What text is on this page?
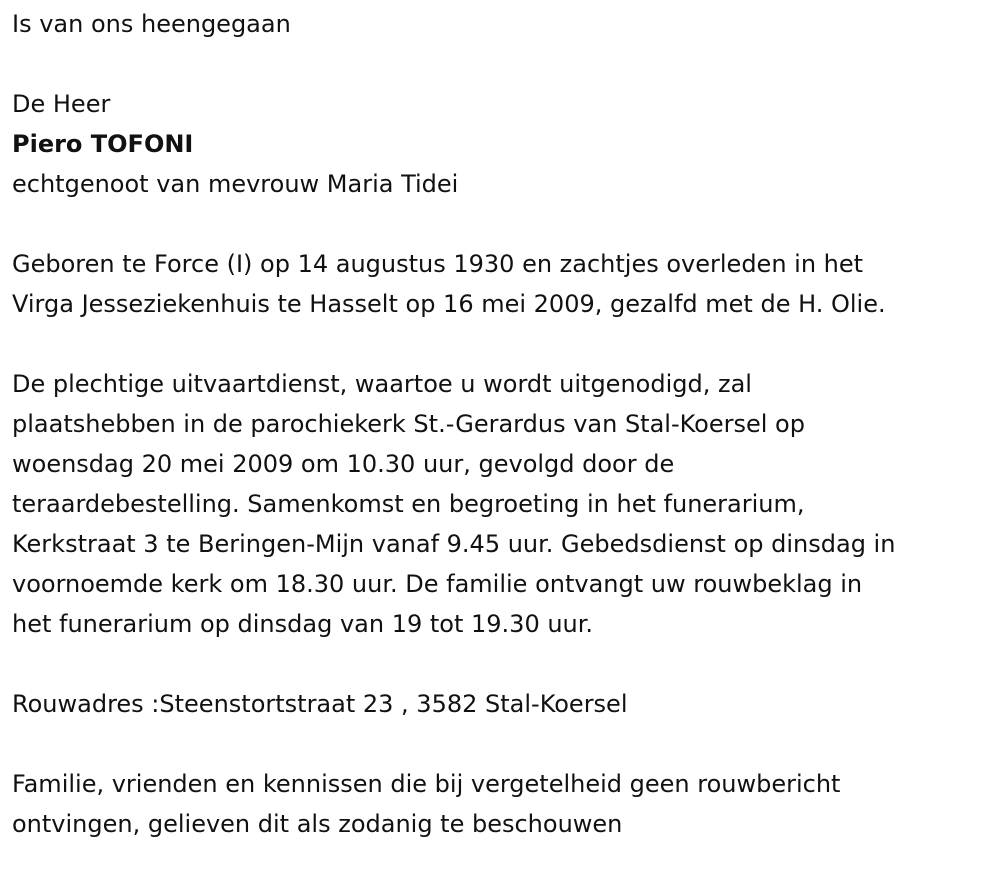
Is van ons heengegaan

De Heer

Piero TOFONI

echtgenoot van mevrouw Maria Tidei

Geboren te Force (I) op 14 augustus 1930 en zachtjes overleden in het

Virga Jesseziekenhuis te Hasselt op 16 mei 2009, gezalfd met de H. Olie.

De plechtige uitvaartdienst, waartoe u wordt uitgenodigd, zal

plaatshebben in de parochiekerk St.-Gerardus van Stal-Koersel op

woensdag 20 mei 2009 om 10.30 uur, gevolgd door de

teraardebestelling. Samenkomst en begroeting in het funerarium,

Kerkstraat 3 te Beringen-Mijn vanaf 9.45 uur. Gebedsdienst op dinsdag in

voornoemde kerk om 18.30 uur. De familie ontvangt uw rouwbeklag in

het funerarium op dinsdag van 19 tot 19.30 uur.

Rouwadres :Steenstortstraat 23 , 3582 Stal-Koersel

Familie, vrienden en kennissen die bij vergetelheid geen rouwbericht

ontvingen, gelieven dit als zodanig te beschouwen
